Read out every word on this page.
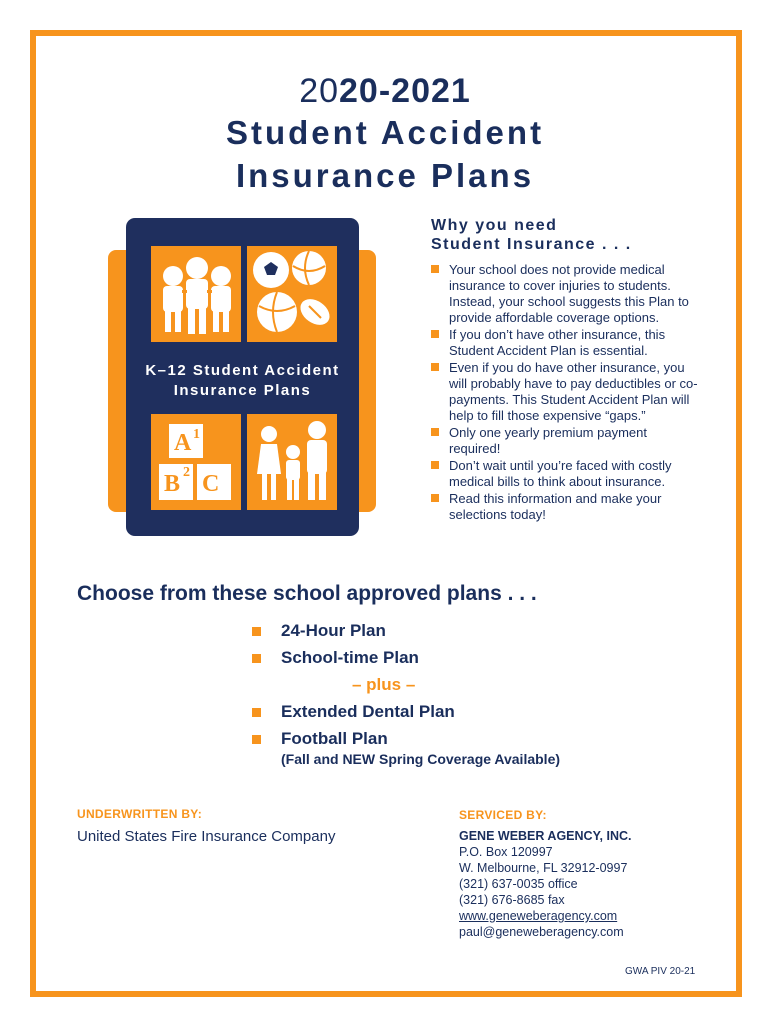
2020-2021
Student Accident
Insurance Plans
A
B C
1
2
K–12 Student Accident
Insurance Plans
Why you need
Student Insurance . . .
Your school does not provide medical insurance to cover injuries to students. Instead, your school suggests this Plan to provide affordable coverage options.
If you don’t have other insurance, this Student Accident Plan is essential.
Even if you do have other insurance, you will probably have to pay deductibles or co-payments. This Student Accident Plan will help to fill those expensive “gaps.”
Only one yearly premium payment required!
Don’t wait until you’re faced with costly medical bills to think about insurance.
Read this information and make your selections today!
Choose from these school approved plans . . .
24-Hour Plan
School-time Plan
– plus –
Extended Dental Plan
Football Plan
(Fall and NEW Spring Coverage Available)
UNDERWRITTEN BY:
United States Fire Insurance Company
SERVICED BY:
GENE WEBER AGENCY, INC.
P.O. Box 120997
W. Melbourne, FL 32912-0997
(321) 637-0035 office
(321) 676-8685 fax
www.geneweberagency.com
paul@geneweberagency.com
GWA PIV 20-21
